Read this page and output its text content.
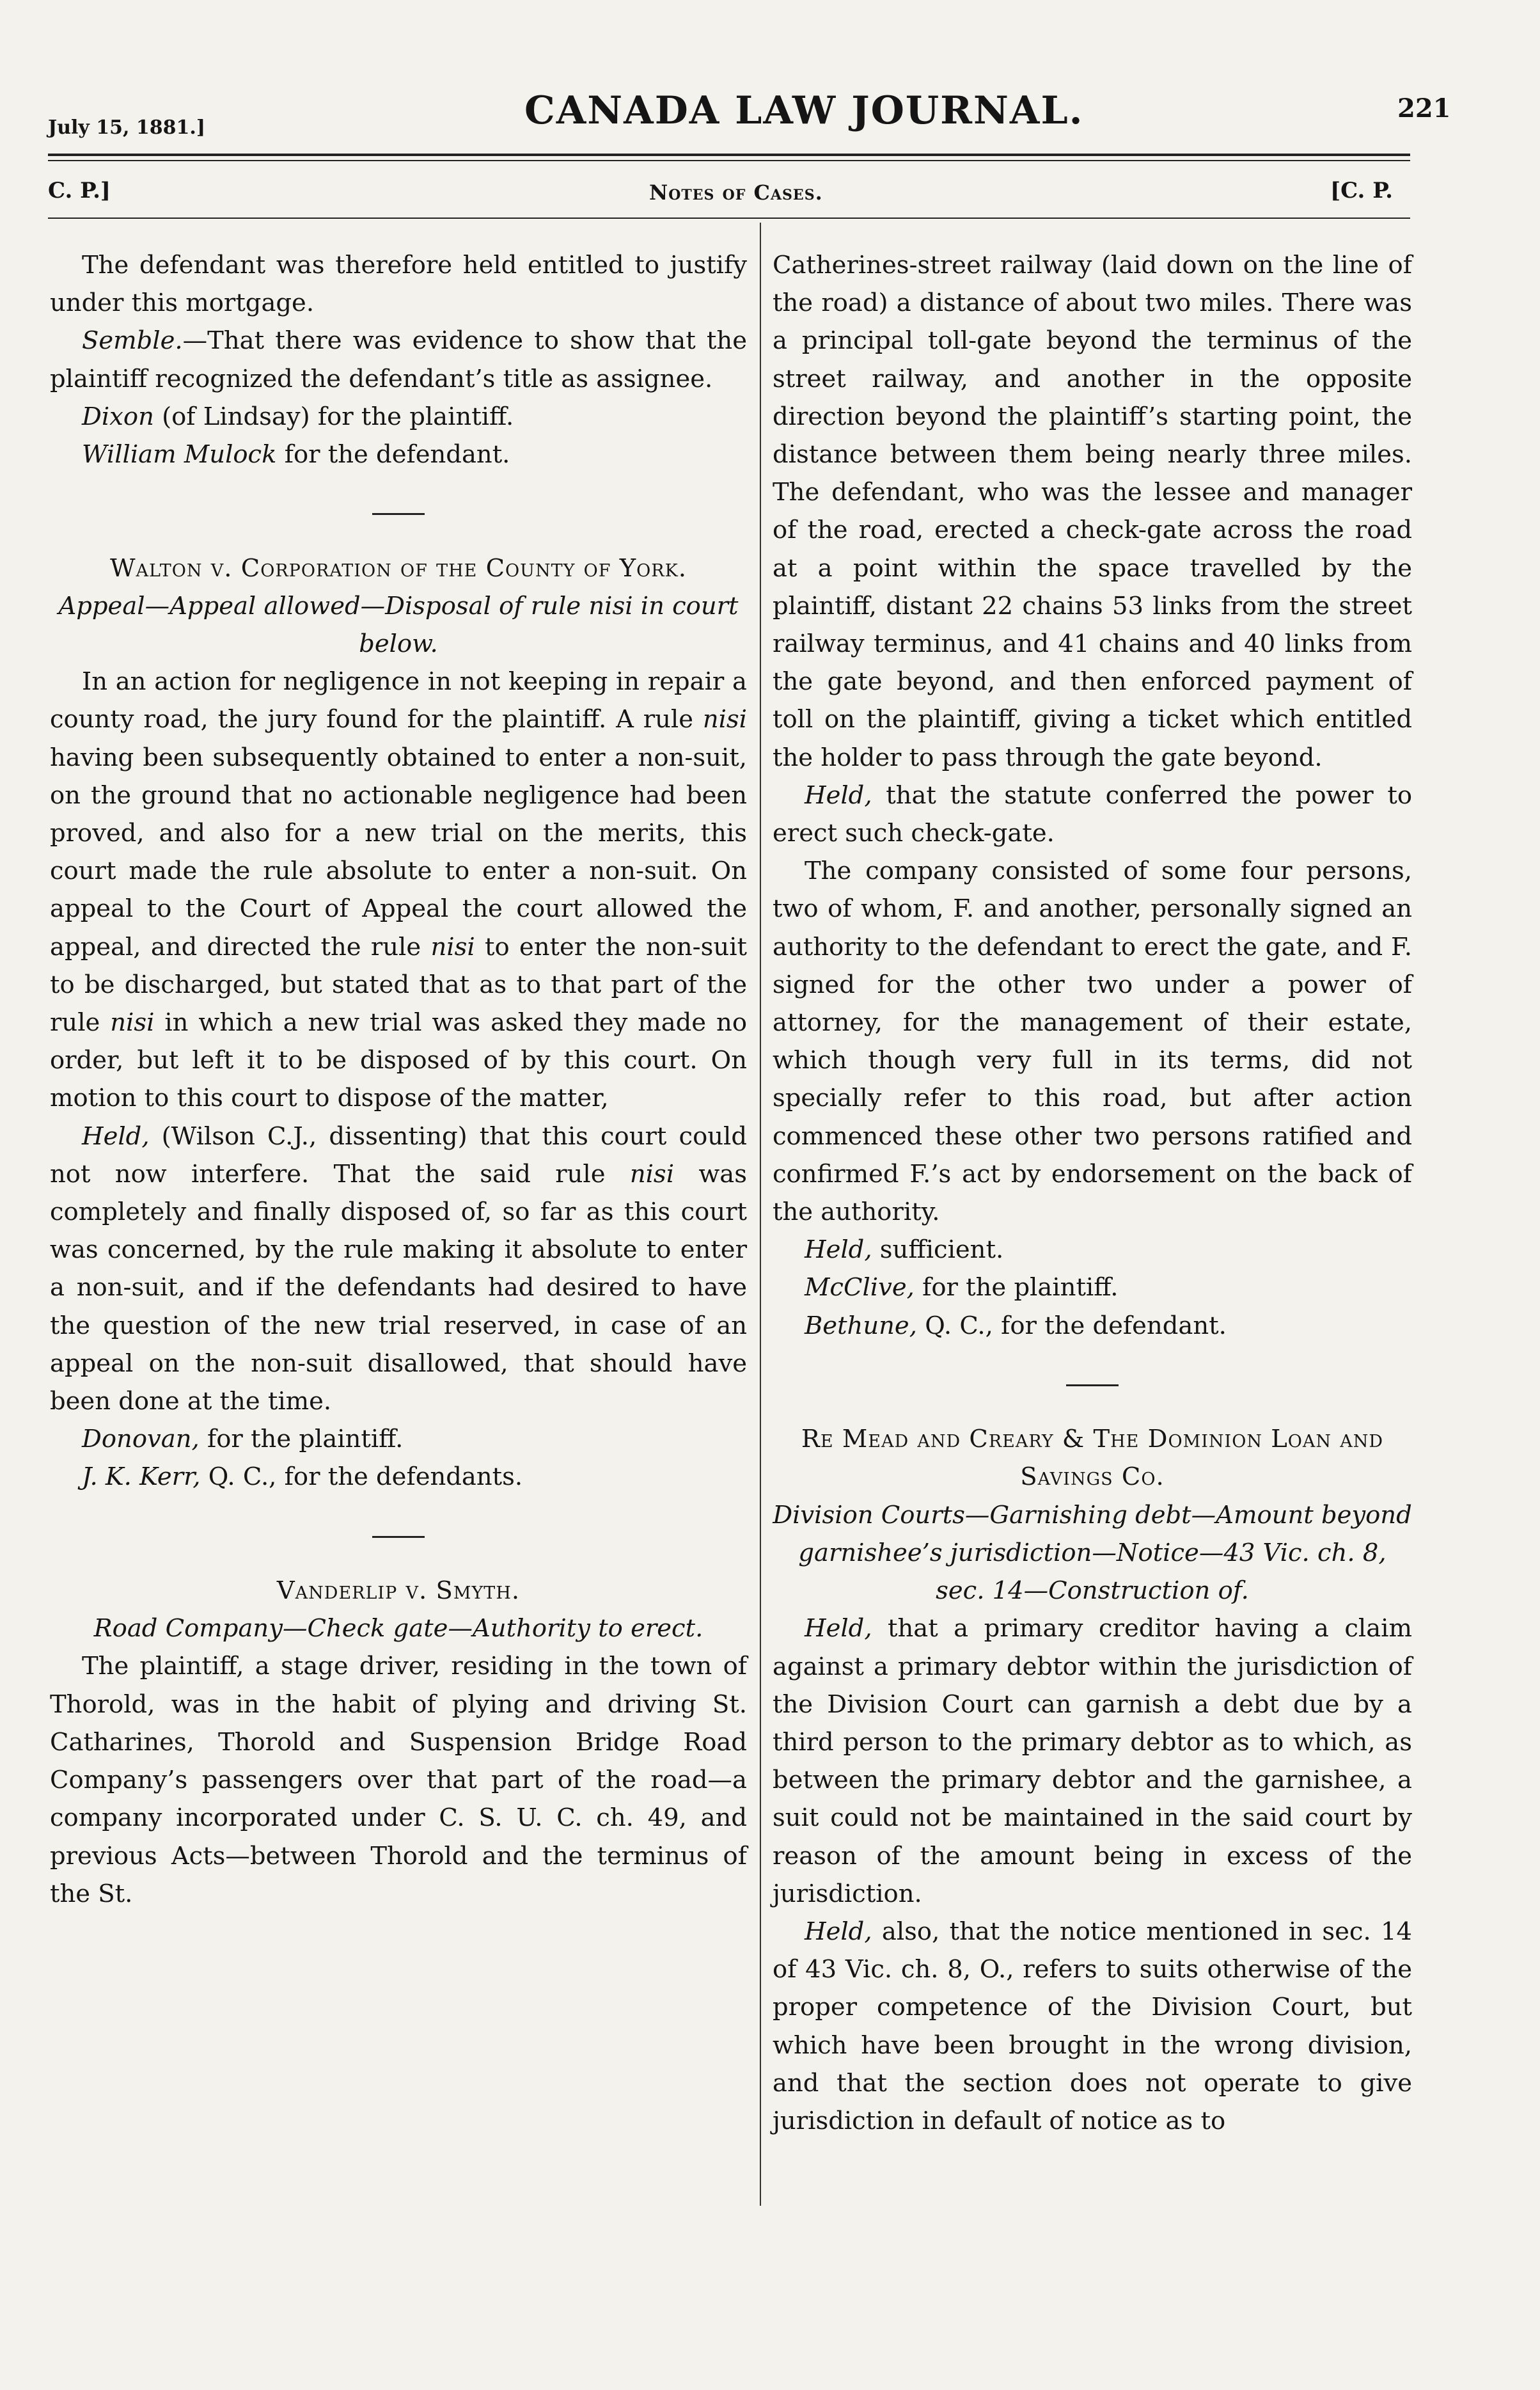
July 15, 1881.]	CANADA LAW JOURNAL.	221
C. P.]	Notes of Cases.	[C. P.

The defendant was therefore held entitled to justify under this mortgage.

Semble.—That there was evidence to show that the plaintiff recognized the defendant’s title as assignee.

Dixon (of Lindsay) for the plaintiff.

William Mulock for the defendant.

Walton v. Corporation of the County of York.

Appeal—Appeal allowed—Disposal of rule nisi in court below.

In an action for negligence in not keeping in repair a county road, the jury found for the plaintiff. A rule nisi having been subsequently obtained to enter a non-suit, on the ground that no actionable negligence had been proved, and also for a new trial on the merits, this court made the rule absolute to enter a non-suit. On appeal to the Court of Appeal the court allowed the appeal, and directed the rule nisi to enter the non-suit to be discharged, but stated that as to that part of the rule nisi in which a new trial was asked they made no order, but left it to be disposed of by this court. On motion to this court to dispose of the matter,

Held, (Wilson C.J., dissenting) that this court could not now interfere. That the said rule nisi was completely and finally disposed of, so far as this court was concerned, by the rule making it absolute to enter a non-suit, and if the defendants had desired to have the question of the new trial reserved, in case of an appeal on the non-suit disallowed, that should have been done at the time.

Donovan, for the plaintiff.

J. K. Kerr, Q. C., for the defendants.

Vanderlip v. Smyth.

Road Company—Check gate—Authority to erect.

The plaintiff, a stage driver, residing in the town of Thorold, was in the habit of plying and driving St. Catharines, Thorold and Suspension Bridge Road Company’s passengers over that part of the road—a company incorporated under C. S. U. C. ch. 49, and previous Acts—between Thorold and the terminus of the St.

Catherines-street railway (laid down on the line of the road) a distance of about two miles. There was a principal toll-gate beyond the terminus of the street railway, and another in the opposite direction beyond the plaintiff’s starting point, the distance between them being nearly three miles. The defendant, who was the lessee and manager of the road, erected a check-gate across the road at a point within the space travelled by the plaintiff, distant 22 chains 53 links from the street railway terminus, and 41 chains and 40 links from the gate beyond, and then enforced payment of toll on the plaintiff, giving a ticket which entitled the holder to pass through the gate beyond.

Held, that the statute conferred the power to erect such check-gate.

The company consisted of some four persons, two of whom, F. and another, personally signed an authority to the defendant to erect the gate, and F. signed for the other two under a power of attorney, for the management of their estate, which though very full in its terms, did not specially refer to this road, but after action commenced these other two persons ratified and confirmed F.’s act by endorsement on the back of the authority.

Held, sufficient.

McClive, for the plaintiff.

Bethune, Q. C., for the defendant.

Re Mead and Creary & The Dominion Loan and Savings Co.

Division Courts—Garnishing debt—Amount beyond garnishee’s jurisdiction—Notice—43 Vic. ch. 8, sec. 14—Construction of.

Held, that a primary creditor having a claim against a primary debtor within the jurisdiction of the Division Court can garnish a debt due by a third person to the primary debtor as to which, as between the primary debtor and the garnishee, a suit could not be maintained in the said court by reason of the amount being in excess of the jurisdiction.

Held, also, that the notice mentioned in sec. 14 of 43 Vic. ch. 8, O., refers to suits otherwise of the proper competence of the Division Court, but which have been brought in the wrong division, and that the section does not operate to give jurisdiction in default of notice as to
